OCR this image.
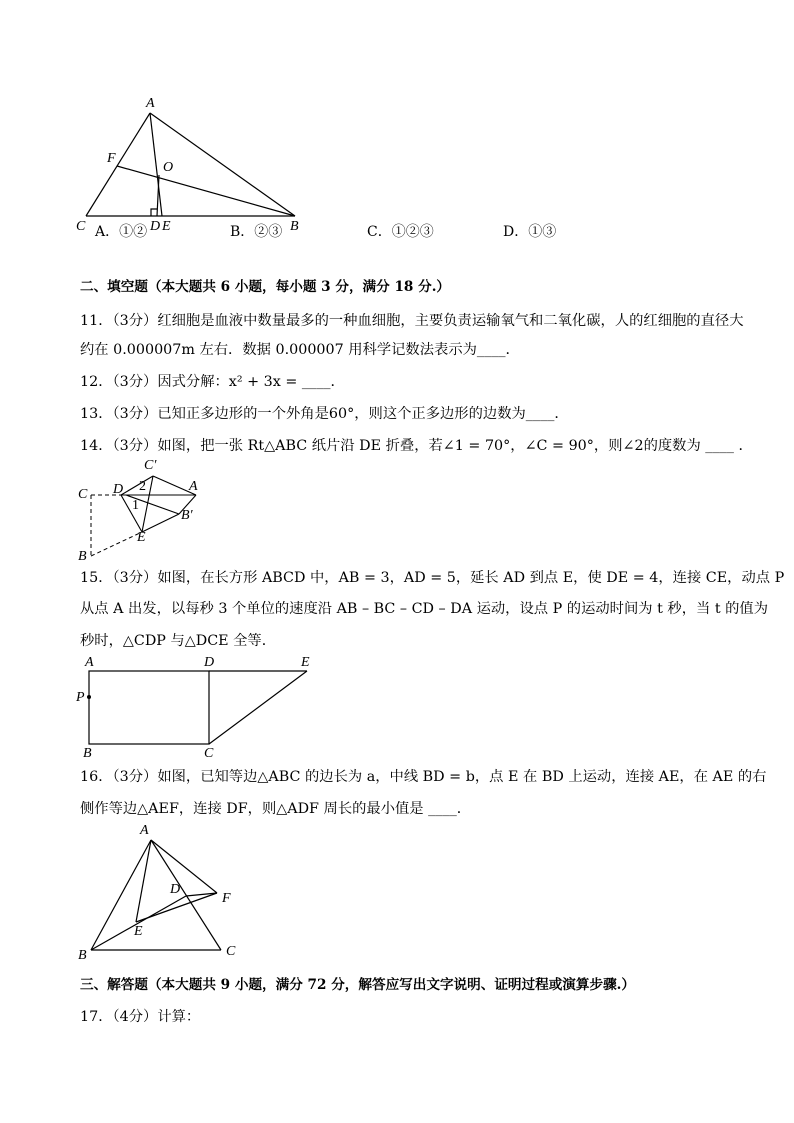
A
F
O
C	D E	B
A．①②	B．②③	C．①②③	D．①③
二、填空题（本大题共 6 小题，每小题 3 分，满分 18 分.）
11．（3分）红细胞是血液中数量最多的一种血细胞，主要负责运输氧气和二氧化碳，人的红细胞的直径大
约在 0.000007m 左右．数据 0.000007 用科学记数法表示为____．
12．（3分）因式分解：x² + 3x = ____．
13．（3分）已知正多边形的一个外角是60°，则这个正多边形的边数为____．
14．（3分）如图，把一张 Rt△ABC 纸片沿 DE 折叠，若∠1 = 70°，∠C = 90°，则∠2的度数为 ____ ．
C′
C D 2	A
1
B′
E
B
15．（3分）如图，在长方形 ABCD 中，AB = 3，AD = 5，延长 AD 到点 E，使 DE = 4，连接 CE，动点 P
从点 A 出发，以每秒 3 个单位的速度沿 AB – BC – CD – DA 运动，设点 P 的运动时间为 t 秒，当 t 的值为
秒时，△CDP 与△DCE 全等．
A	D	E
P
B	C
16．（3分）如图，已知等边△ABC 的边长为 a，中线 BD = b，点 E 在 BD 上运动，连接 AE，在 AE 的右
侧作等边△AEF，连接 DF，则△ADF 周长的最小值是 ____．
A
D
F
E
B	C
三、解答题（本大题共 9 小题，满分 72 分，解答应写出文字说明、证明过程或演算步骤.）
17．（4分）计算：
